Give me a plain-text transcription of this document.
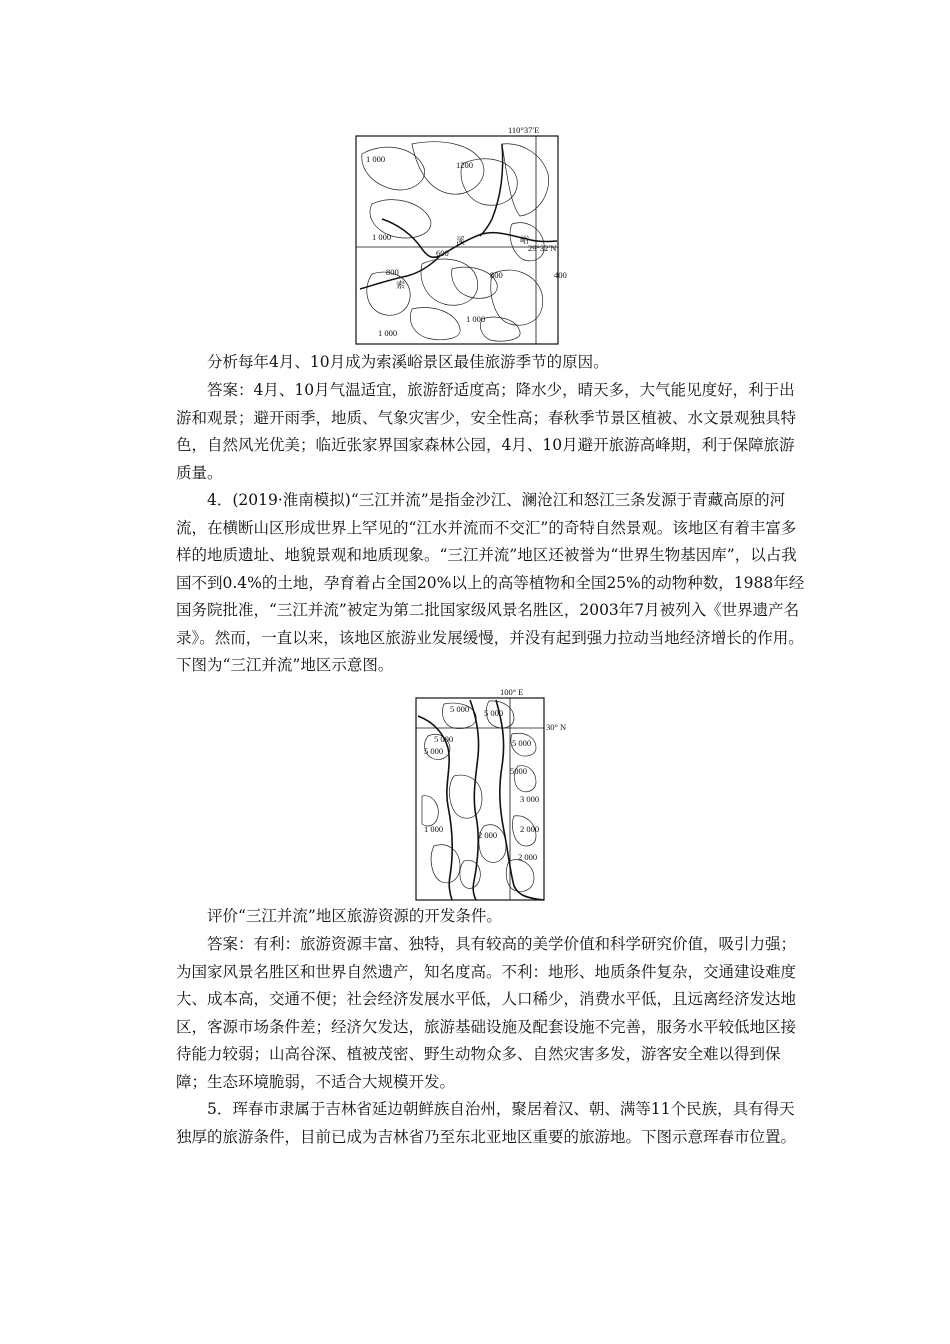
110°37′E
29°32′N
1 000
1200
1 000
600
800	800	400
1 000
1 000
溪	峪
索

分析每年4月、10月成为索溪峪景区最佳旅游季节的原因。

答案：4月、10月气温适宜，旅游舒适度高；降水少，晴天多，大气能见度好，利于出游和观景；避开雨季，地质、气象灾害少，安全性高；春秋季节景区植被、水文景观独具特色，自然风光优美；临近张家界国家森林公园，4月、10月避开旅游高峰期，利于保障旅游质量。

4．(2019·淮南模拟)“三江并流”是指金沙江、澜沧江和怒江三条发源于青藏高原的河流，在横断山区形成世界上罕见的“江水并流而不交汇”的奇特自然景观。该地区有着丰富多样的地质遗址、地貌景观和地质现象。“三江并流”地区还被誉为“世界生物基因库”，以占我国不到0.4%的土地，孕育着占全国20%以上的高等植物和全国25%的动物种数，1988年经国务院批准，“三江并流”被定为第二批国家级风景名胜区，2003年7月被列入《世界遗产名录》。然而，一直以来，该地区旅游业发展缓慢，并没有起到强力拉动当地经济增长的作用。下图为“三江并流”地区示意图。

100° E
30° N
5 000 5 000
5 000	5 000
5 000
5000
3 000
1 000
2 000
2 000
2 000

评价“三江并流”地区旅游资源的开发条件。

答案：有利：旅游资源丰富、独特，具有较高的美学价值和科学研究价值，吸引力强；为国家风景名胜区和世界自然遗产，知名度高。不利：地形、地质条件复杂，交通建设难度大、成本高，交通不便；社会经济发展水平低，人口稀少，消费水平低，且远离经济发达地区，客源市场条件差；经济欠发达，旅游基础设施及配套设施不完善，服务水平较低地区接待能力较弱；山高谷深、植被茂密、野生动物众多、自然灾害多发，游客安全难以得到保障；生态环境脆弱，不适合大规模开发。

5．珲春市隶属于吉林省延边朝鲜族自治州，聚居着汉、朝、满等11个民族，具有得天独厚的旅游条件，目前已成为吉林省乃至东北亚地区重要的旅游地。下图示意珲春市位置。
